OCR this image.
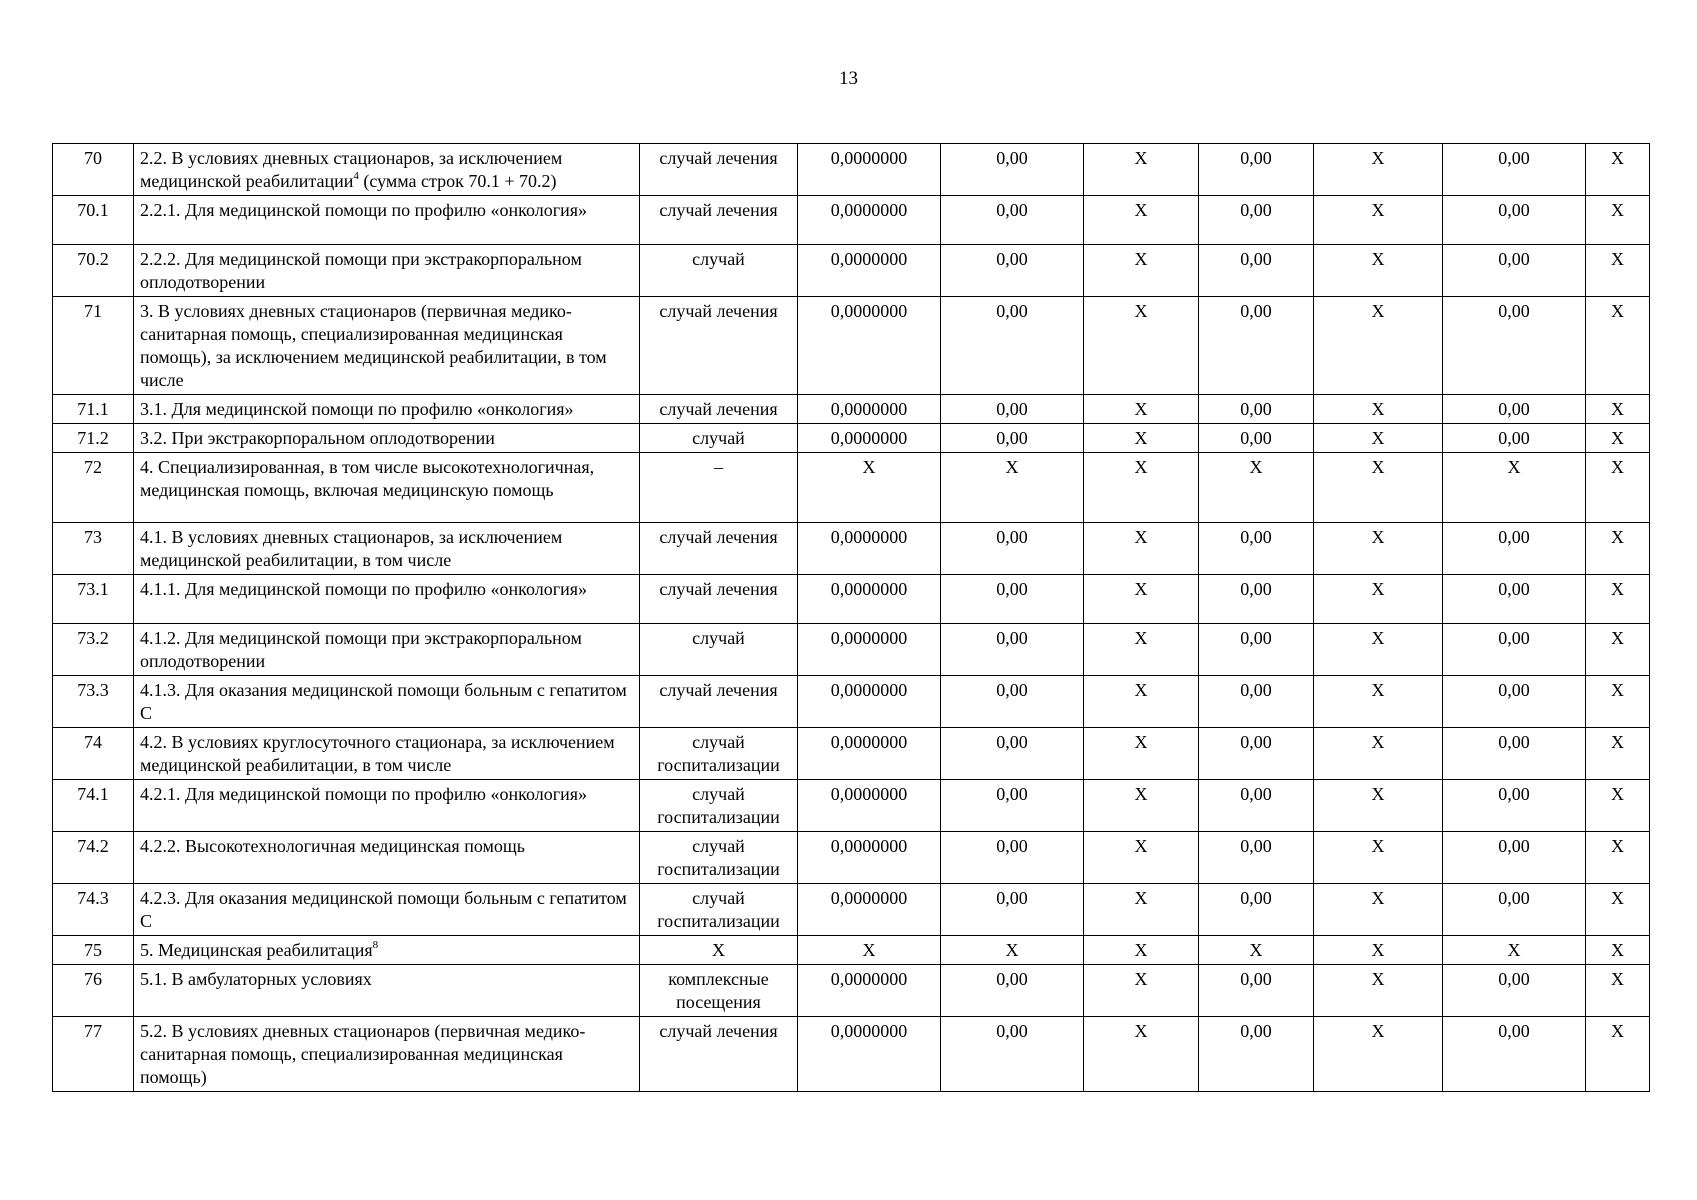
13
70	2.2. В условиях дневных стационаров, за исключением медицинской реабилитации$^4$ (сумма строк 70.1 + 70.2)	случай лечения	0,0000000	0,00	X	0,00	X	0,00	X
70.1	2.2.1. Для медицинской помощи по профилю «онкология»	случай лечения	0,0000000	0,00	X	0,00	X	0,00	X
70.2	2.2.2. Для медицинской помощи при экстракорпоральном оплодотворении	случай	0,0000000	0,00	X	0,00	X	0,00	X
71	3. В условиях дневных стационаров (первичная медико-санитарная помощь, специализированная медицинская помощь), за исключением медицинской реабилитации, в том числе	случай лечения	0,0000000	0,00	X	0,00	X	0,00	X
71.1	3.1. Для медицинской помощи по профилю «онкология»	случай лечения	0,0000000	0,00	X	0,00	X	0,00	X
71.2	3.2. При экстракорпоральном оплодотворении	случай	0,0000000	0,00	X	0,00	X	0,00	X
72	4. Специализированная, в том числе высокотехнологичная, медицинская помощь, включая медицинскую помощь	–	X	X	X	X	X	X	X
73	4.1. В условиях дневных стационаров, за исключением медицинской реабилитации, в том числе	случай лечения	0,0000000	0,00	X	0,00	X	0,00	X
73.1	4.1.1. Для медицинской помощи по профилю «онкология»	случай лечения	0,0000000	0,00	X	0,00	X	0,00	X
73.2	4.1.2. Для медицинской помощи при экстракорпоральном оплодотворении	случай	0,0000000	0,00	X	0,00	X	0,00	X
73.3	4.1.3. Для оказания медицинской помощи больным с гепатитом С	случай лечения	0,0000000	0,00	X	0,00	X	0,00	X
74	4.2. В условиях круглосуточного стационара, за исключением медицинской реабилитации, в том числе	случай госпитализации	0,0000000	0,00	X	0,00	X	0,00	X
74.1	4.2.1. Для медицинской помощи по профилю «онкология»	случай госпитализации	0,0000000	0,00	X	0,00	X	0,00	X
74.2	4.2.2. Высокотехнологичная медицинская помощь	случай госпитализации	0,0000000	0,00	X	0,00	X	0,00	X
74.3	4.2.3. Для оказания медицинской помощи больным с гепатитом С	случай госпитализации	0,0000000	0,00	X	0,00	X	0,00	X
75	5. Медицинская реабилитация$^8$	X	X	X	X	X	X	X	X
76	5.1. В амбулаторных условиях	комплексные посещения	0,0000000	0,00	X	0,00	X	0,00	X
77	5.2. В условиях дневных стационаров (первичная медико-санитарная помощь, специализированная медицинская помощь)	случай лечения	0,0000000	0,00	X	0,00	X	0,00	X
